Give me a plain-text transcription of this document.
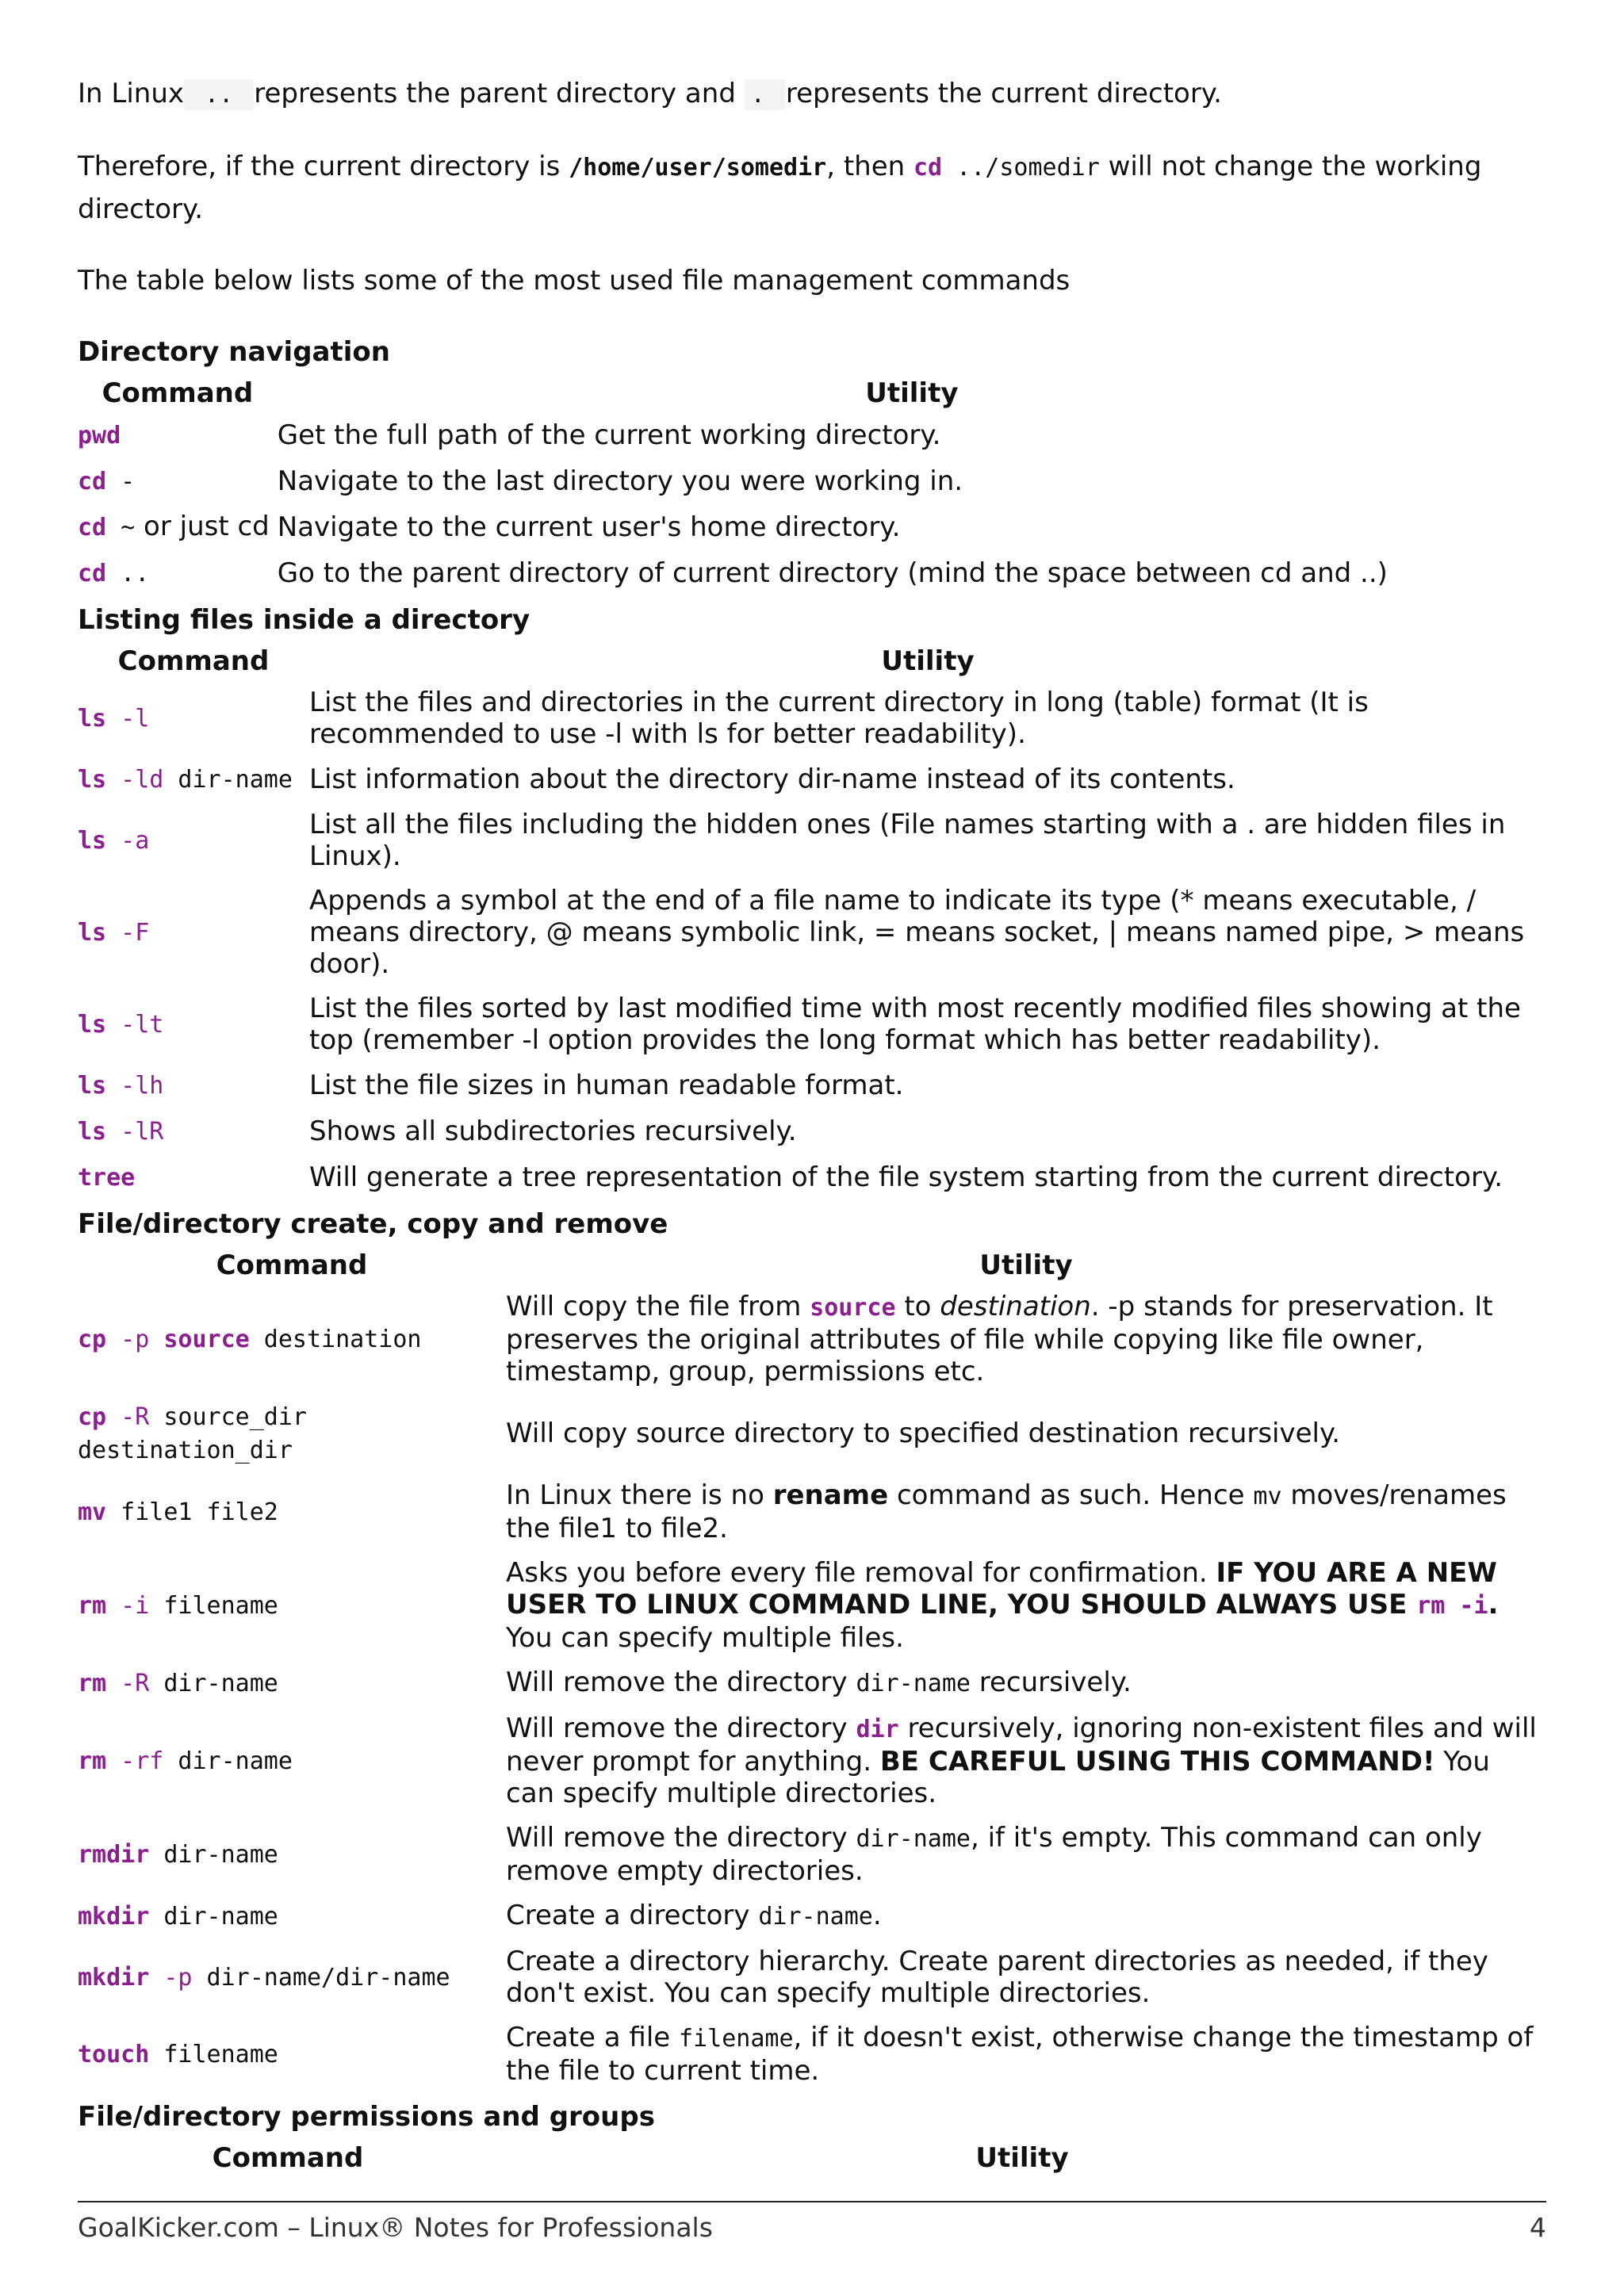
In Linux .. represents the parent directory and . represents the current directory.

Therefore, if the current directory is /home/user/somedir, then cd ../somedir will not change the working directory.

The table below lists some of the most used file management commands

Directory navigation
Command	Utility
pwd	Get the full path of the current working directory.
cd -	Navigate to the last directory you were working in.
cd ~ or just cd	Navigate to the current user's home directory.
cd ..	Go to the parent directory of current directory (mind the space between cd and ..)
Listing files inside a directory
Command	Utility
ls -l	List the files and directories in the current directory in long (table) format (It is recommended to use -l with ls for better readability).
ls -ld dir-name	List information about the directory dir-name instead of its contents.
ls -a	List all the files including the hidden ones (File names starting with a . are hidden files in Linux).
ls -F	Appends a symbol at the end of a file name to indicate its type (* means executable, / means directory, @ means symbolic link, = means socket, | means named pipe, > means door).
ls -lt	List the files sorted by last modified time with most recently modified files showing at the top (remember -l option provides the long format which has better readability).
ls -lh	List the file sizes in human readable format.
ls -lR	Shows all subdirectories recursively.
tree	Will generate a tree representation of the file system starting from the current directory.
File/directory create, copy and remove
Command	Utility
cp -p source destination	Will copy the file from source to destination. -p stands for preservation. It preserves the original attributes of file while copying like file owner, timestamp, group, permissions etc.
cp -R source_dir destination_dir	Will copy source directory to specified destination recursively.
mv file1 file2	In Linux there is no rename command as such. Hence mv moves/renames the file1 to file2.
rm -i filename	Asks you before every file removal for confirmation. IF YOU ARE A NEW USER TO LINUX COMMAND LINE, YOU SHOULD ALWAYS USE rm -i. You can specify multiple files.
rm -R dir-name	Will remove the directory dir-name recursively.
rm -rf dir-name	Will remove the directory dir recursively, ignoring non-existent files and will never prompt for anything. BE CAREFUL USING THIS COMMAND! You can specify multiple directories.
rmdir dir-name	Will remove the directory dir-name, if it's empty. This command can only remove empty directories.
mkdir dir-name	Create a directory dir-name.
mkdir -p dir-name/dir-name	Create a directory hierarchy. Create parent directories as needed, if they don't exist. You can specify multiple directories.
touch filename	Create a file filename, if it doesn't exist, otherwise change the timestamp of the file to current time.
File/directory permissions and groups
Command	Utility
GoalKicker.com – Linux® Notes for Professionals	4
